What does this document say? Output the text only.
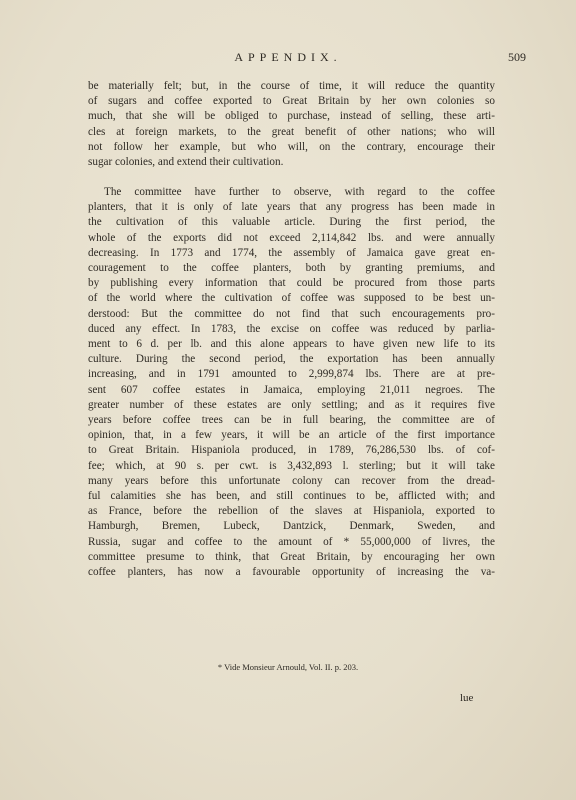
APPENDIX.	509
be materially felt; but, in the course of time, it will reduce the quantity
of sugars and coffee exported to Great Britain by her own colonies so
much, that she will be obliged to purchase, instead of selling, these arti-
cles at foreign markets, to the great benefit of other nations; who will
not follow her example, but who will, on the contrary, encourage their
sugar colonies, and extend their cultivation.
The committee have further to observe, with regard to the coffee
planters, that it is only of late years that any progress has been made in
the cultivation of this valuable article. During the first period, the
whole of the exports did not exceed 2,114,842 lbs. and were annually
decreasing. In 1773 and 1774, the assembly of Jamaica gave great en-
couragement to the coffee planters, both by granting premiums, and
by publishing every information that could be procured from those parts
of the world where the cultivation of coffee was supposed to be best un-
derstood: But the committee do not find that such encouragements pro-
duced any effect. In 1783, the excise on coffee was reduced by parlia-
ment to 6 d. per lb. and this alone appears to have given new life to its
culture. During the second period, the exportation has been annually
increasing, and in 1791 amounted to 2,999,874 lbs. There are at pre-
sent 607 coffee estates in Jamaica, employing 21,011 negroes. The
greater number of these estates are only settling; and as it requires five
years before coffee trees can be in full bearing, the committee are of
opinion, that, in a few years, it will be an article of the first importance
to Great Britain. Hispaniola produced, in 1789, 76,286,530 lbs. of cof-
fee; which, at 90 s. per cwt. is 3,432,893 l. sterling; but it will take
many years before this unfortunate colony can recover from the dread-
ful calamities she has been, and still continues to be, afflicted with; and
as France, before the rebellion of the slaves at Hispaniola, exported to
Hamburgh, Bremen, Lubeck, Dantzick, Denmark, Sweden, and
Russia, sugar and coffee to the amount of * 55,000,000 of livres, the
committee presume to think, that Great Britain, by encouraging her own
coffee planters, has now a favourable opportunity of increasing the va-
* Vide Monsieur Arnould, Vol. II. p. 203.
lue
